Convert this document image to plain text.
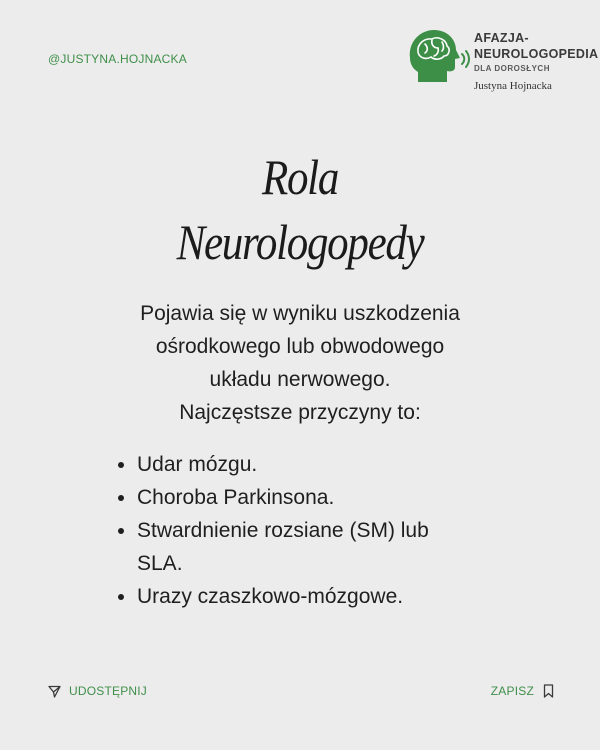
@JUSTYNA.HOJNACKA
AFAZJA-
NEUROLOGOPEDIA
DLA DOROSŁYCH
Justyna Hojnacka
Rola
Neurologopedy
Pojawia się w wyniku uszkodzenia
ośrodkowego lub obwodowego
układu nerwowego.
Najczęstsze przyczyny to:
Udar mózgu.
Choroba Parkinsona.
Stwardnienie rozsiane (SM) lub
SLA.
Urazy czaszkowo-mózgowe.
UDOSTĘPNIJ	ZAPISZ
